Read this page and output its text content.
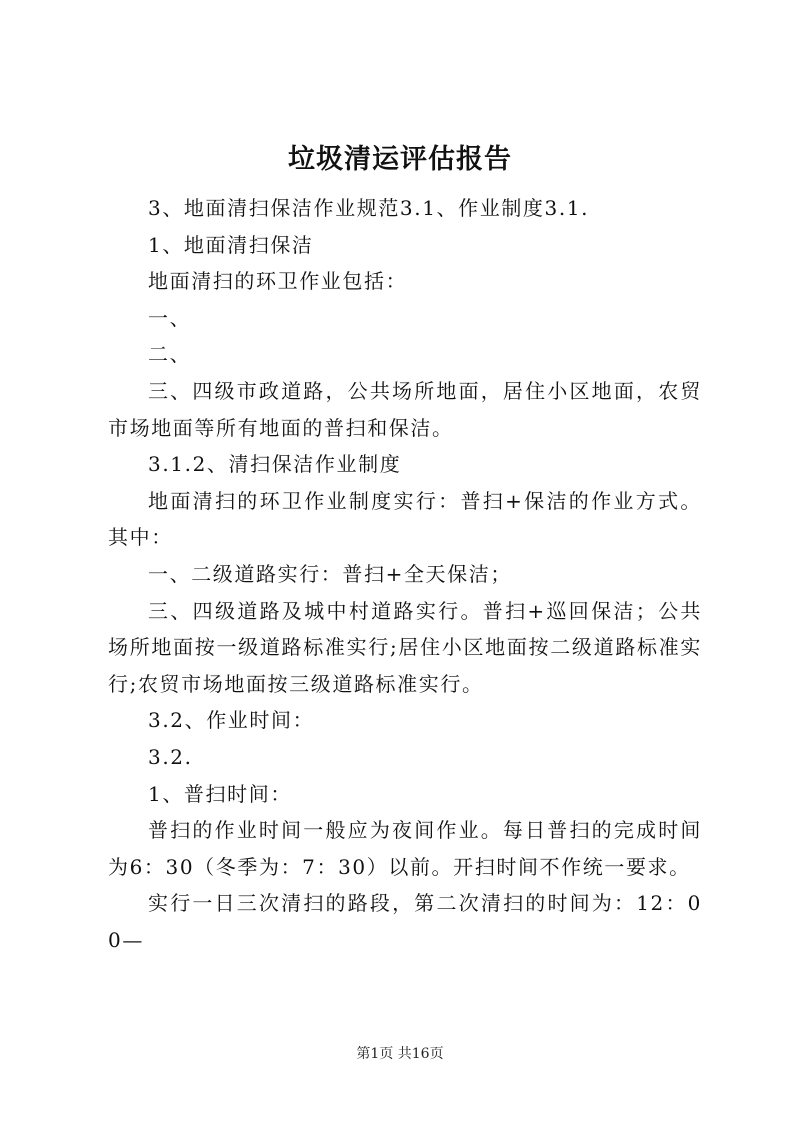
垃圾清运评估报告

3、地面清扫保洁作业规范3.1、作业制度3.1.

1、地面清扫保洁

地面清扫的环卫作业包括：

一、

二、

三、四级市政道路，公共场所地面，居住小区地面，农贸市场地面等所有地面的普扫和保洁。

3.1.2、清扫保洁作业制度

地面清扫的环卫作业制度实行：普扫+保洁的作业方式。其中：

一、二级道路实行：普扫+全天保洁；

三、四级道路及城中村道路实行。普扫+巡回保洁；公共场所地面按一级道路标准实行;居住小区地面按二级道路标准实行;农贸市场地面按三级道路标准实行。

3.2、作业时间：

3.2.

1、普扫时间：

普扫的作业时间一般应为夜间作业。每日普扫的完成时间为6：30（冬季为：7：30）以前。开扫时间不作统一要求。

实行一日三次清扫的路段，第二次清扫的时间为：12：00—

第1页 共16页
